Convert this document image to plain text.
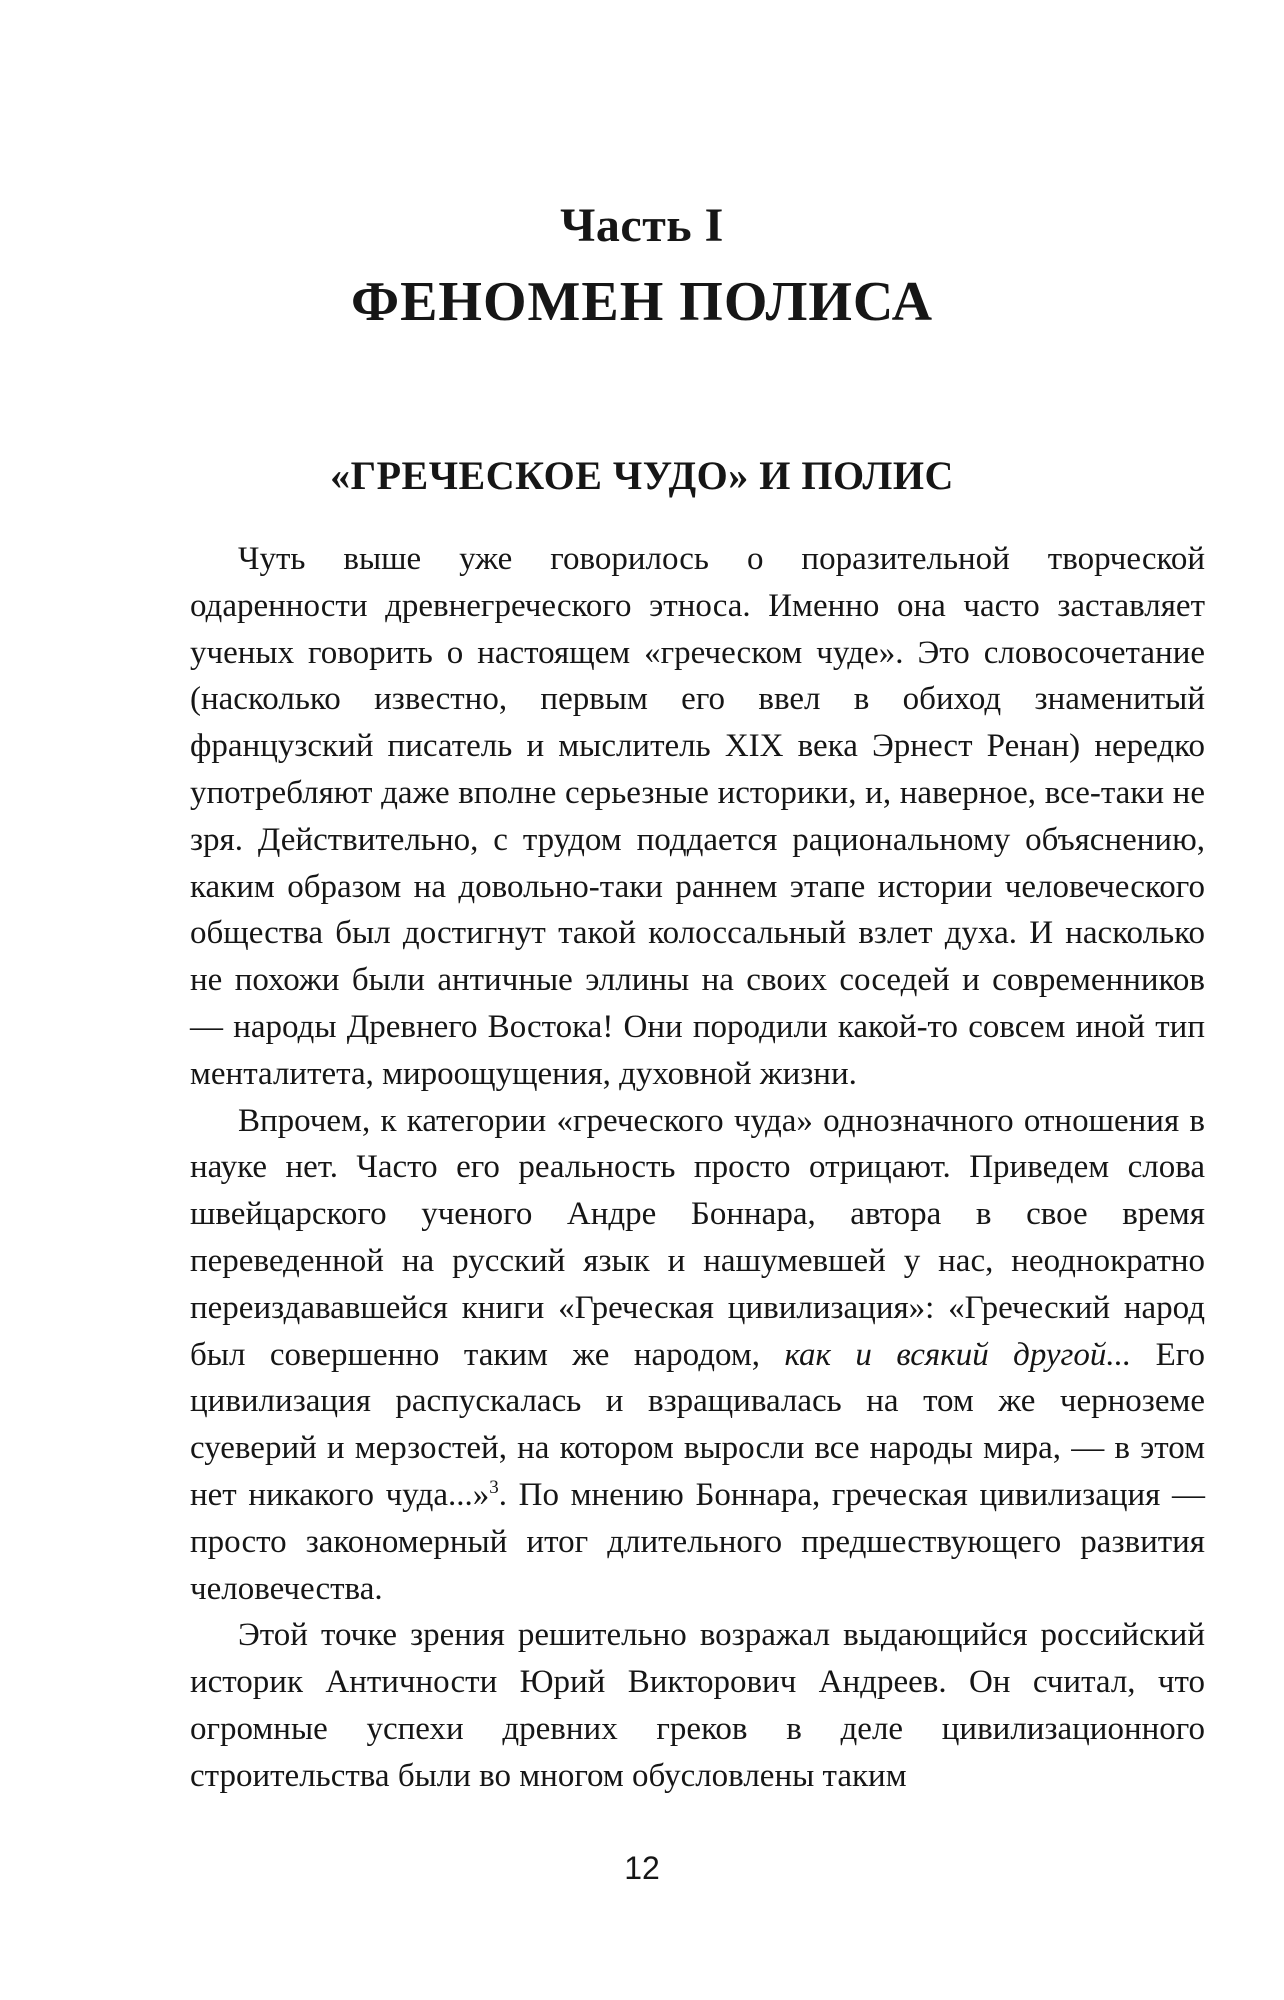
Часть I
ФЕНОМЕН ПОЛИСА
«ГРЕЧЕСКОЕ ЧУДО» И ПОЛИС

Чуть выше уже говорилось о поразительной творческой одаренности древнегреческого этноса. Именно она часто заставляет ученых говорить о настоящем «греческом чуде». Это словосочетание (насколько известно, первым его ввел в обиход знаменитый французский писатель и мыслитель XIX века Эрнест Ренан) нередко употребляют даже вполне серьезные историки, и, наверное, все-таки не зря. Действительно, с трудом поддается рациональному объяснению, каким образом на довольно-таки раннем этапе истории человеческого общества был достигнут такой колоссальный взлет духа. И насколько не похожи были античные эллины на своих соседей и современников — народы Древнего Востока! Они породили какой-то совсем иной тип менталитета, мироощущения, духовной жизни.

Впрочем, к категории «греческого чуда» однозначного отношения в науке нет. Часто его реальность просто отрицают. Приведем слова швейцарского ученого Андре Боннара, автора в свое время переведенной на русский язык и нашумевшей у нас, неоднократно переиздававшейся книги «Греческая цивилизация»: «Греческий народ был совершенно таким же народом, как и всякий другой... Его цивилизация распускалась и взращивалась на том же черноземе суеверий и мерзостей, на котором выросли все народы мира, — в этом нет никакого чуда...»$^3$. По мнению Боннара, греческая цивилизация — просто закономерный итог длительного предшествующего развития человечества.

Этой точке зрения решительно возражал выдающийся российский историк Античности Юрий Викторович Андреев. Он считал, что огромные успехи древних греков в деле цивилизационного строительства были во многом обусловлены таким

12
